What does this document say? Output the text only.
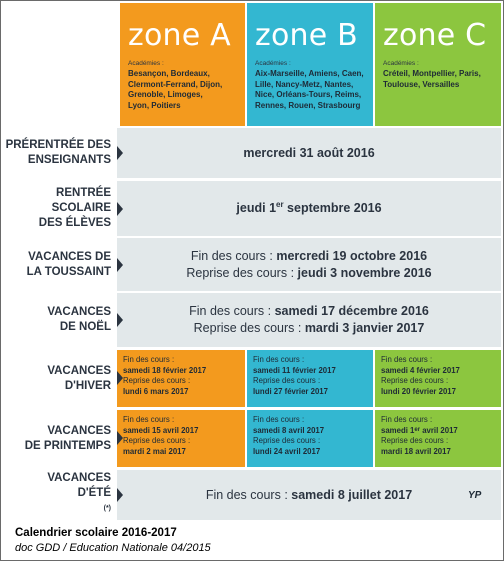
zone A
Académies :
Besançon, Bordeaux,
Clermont-Ferrand, Dijon,
Grenoble, Limoges,
Lyon, Poitiers
zone B
Académies :
Aix-Marseille, Amiens, Caen,
Lille, Nancy-Metz, Nantes,
Nice, Orléans-Tours, Reims,
Rennes, Rouen, Strasbourg
zone C
Académies :
Créteil, Montpellier, Paris,
Toulouse, Versailles
PRÉRENTRÉE DES
ENSEIGNANTS
mercredi 31 août 2016
RENTRÉE
SCOLAIRE
DES ÉLÈVES
jeudi 1er septembre 2016
VACANCES DE
LA TOUSSAINT
Fin des cours : mercredi 19 octobre 2016
Reprise des cours : jeudi 3 novembre 2016
VACANCES
DE NOËL
Fin des cours : samedi 17 décembre 2016
Reprise des cours : mardi 3 janvier 2017
VACANCES
D'HIVER
Fin des cours :
samedi 18 février 2017
Reprise des cours :
lundi 6 mars 2017
Fin des cours :
samedi 11 février 2017
Reprise des cours :
lundi 27 février 2017
Fin des cours :
samedi 4 février 2017
Reprise des cours :
lundi 20 février 2017
VACANCES
DE PRINTEMPS
Fin des cours :
samedi 15 avril 2017
Reprise des cours :
mardi 2 mai 2017
Fin des cours :
samedi 8 avril 2017
Reprise des cours :
lundi 24 avril 2017
Fin des cours :
samedi 1er avril 2017
Reprise des cours :
mardi 18 avril 2017
VACANCES
D'ÉTÉ
(*)
Fin des cours : samedi 8 juillet 2017	YP
Calendrier scolaire 2016-2017
doc GDD / Education Nationale 04/2015
